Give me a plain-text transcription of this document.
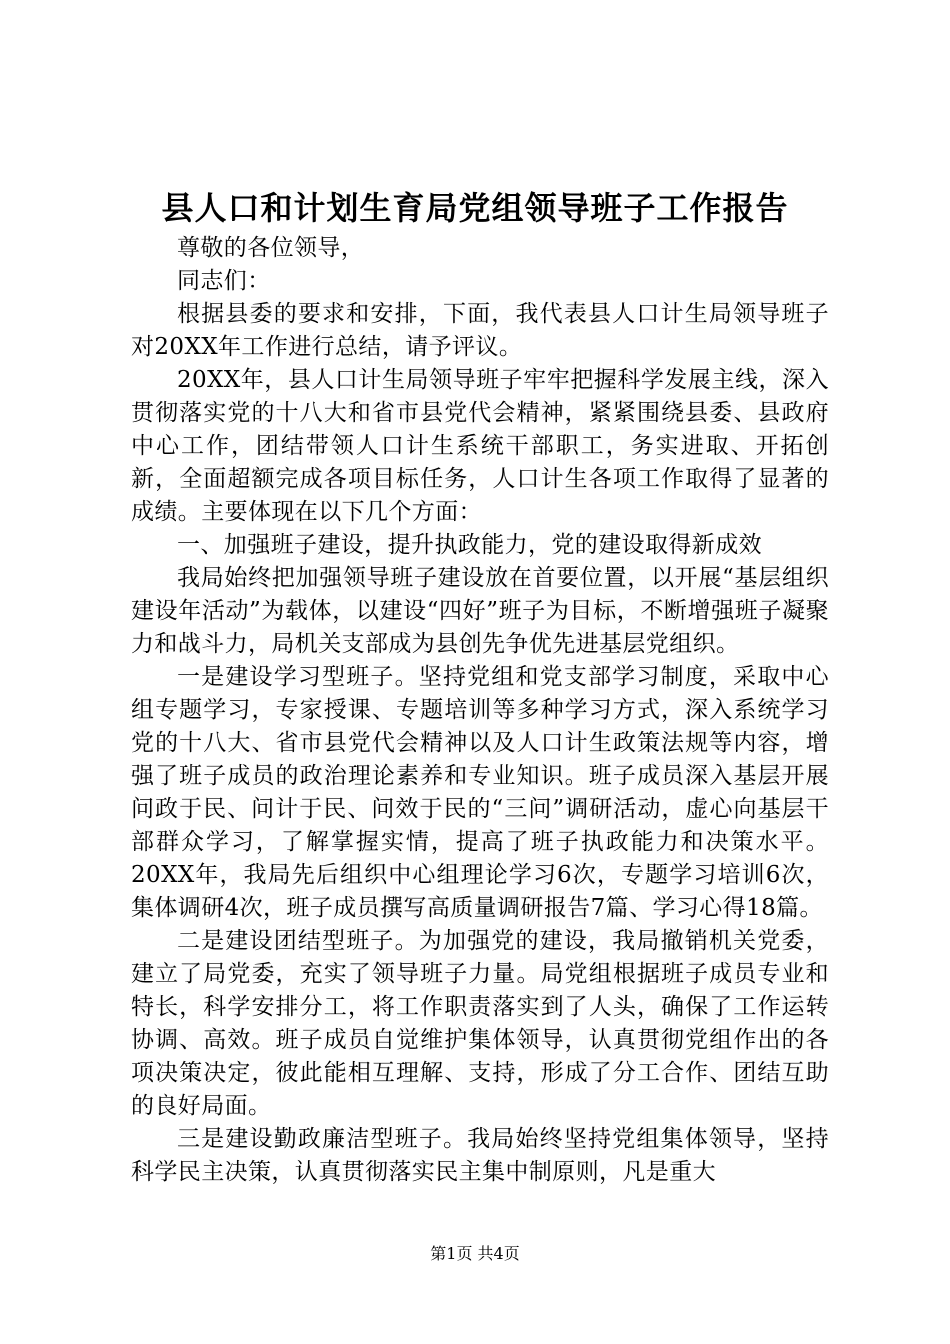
县人口和计划生育局党组领导班子工作报告

尊敬的各位领导，

同志们：

根据县委的要求和安排，下面，我代表县人口计生局领导班子对20XX年工作进行总结，请予评议。

20XX年，县人口计生局领导班子牢牢把握科学发展主线，深入贯彻落实党的十八大和省市县党代会精神，紧紧围绕县委、县政府中心工作，团结带领人口计生系统干部职工，务实进取、开拓创新，全面超额完成各项目标任务，人口计生各项工作取得了显著的成绩。主要体现在以下几个方面：

一、加强班子建设，提升执政能力，党的建设取得新成效

我局始终把加强领导班子建设放在首要位置，以开展“基层组织建设年活动”为载体，以建设“四好”班子为目标，不断增强班子凝聚力和战斗力，局机关支部成为县创先争优先进基层党组织。

一是建设学习型班子。坚持党组和党支部学习制度，采取中心组专题学习，专家授课、专题培训等多种学习方式，深入系统学习党的十八大、省市县党代会精神以及人口计生政策法规等内容，增强了班子成员的政治理论素养和专业知识。班子成员深入基层开展问政于民、问计于民、问效于民的“三问”调研活动，虚心向基层干部群众学习，了解掌握实情，提高了班子执政能力和决策水平。20XX年，我局先后组织中心组理论学习6次，专题学习培训6次，集体调研4次，班子成员撰写高质量调研报告7篇、学习心得18篇。

二是建设团结型班子。为加强党的建设，我局撤销机关党委，建立了局党委，充实了领导班子力量。局党组根据班子成员专业和特长，科学安排分工，将工作职责落实到了人头，确保了工作运转协调、高效。班子成员自觉维护集体领导，认真贯彻党组作出的各项决策决定，彼此能相互理解、支持，形成了分工合作、团结互助的良好局面。

三是建设勤政廉洁型班子。我局始终坚持党组集体领导，坚持科学民主决策，认真贯彻落实民主集中制原则，凡是重大

第1页 共4页
